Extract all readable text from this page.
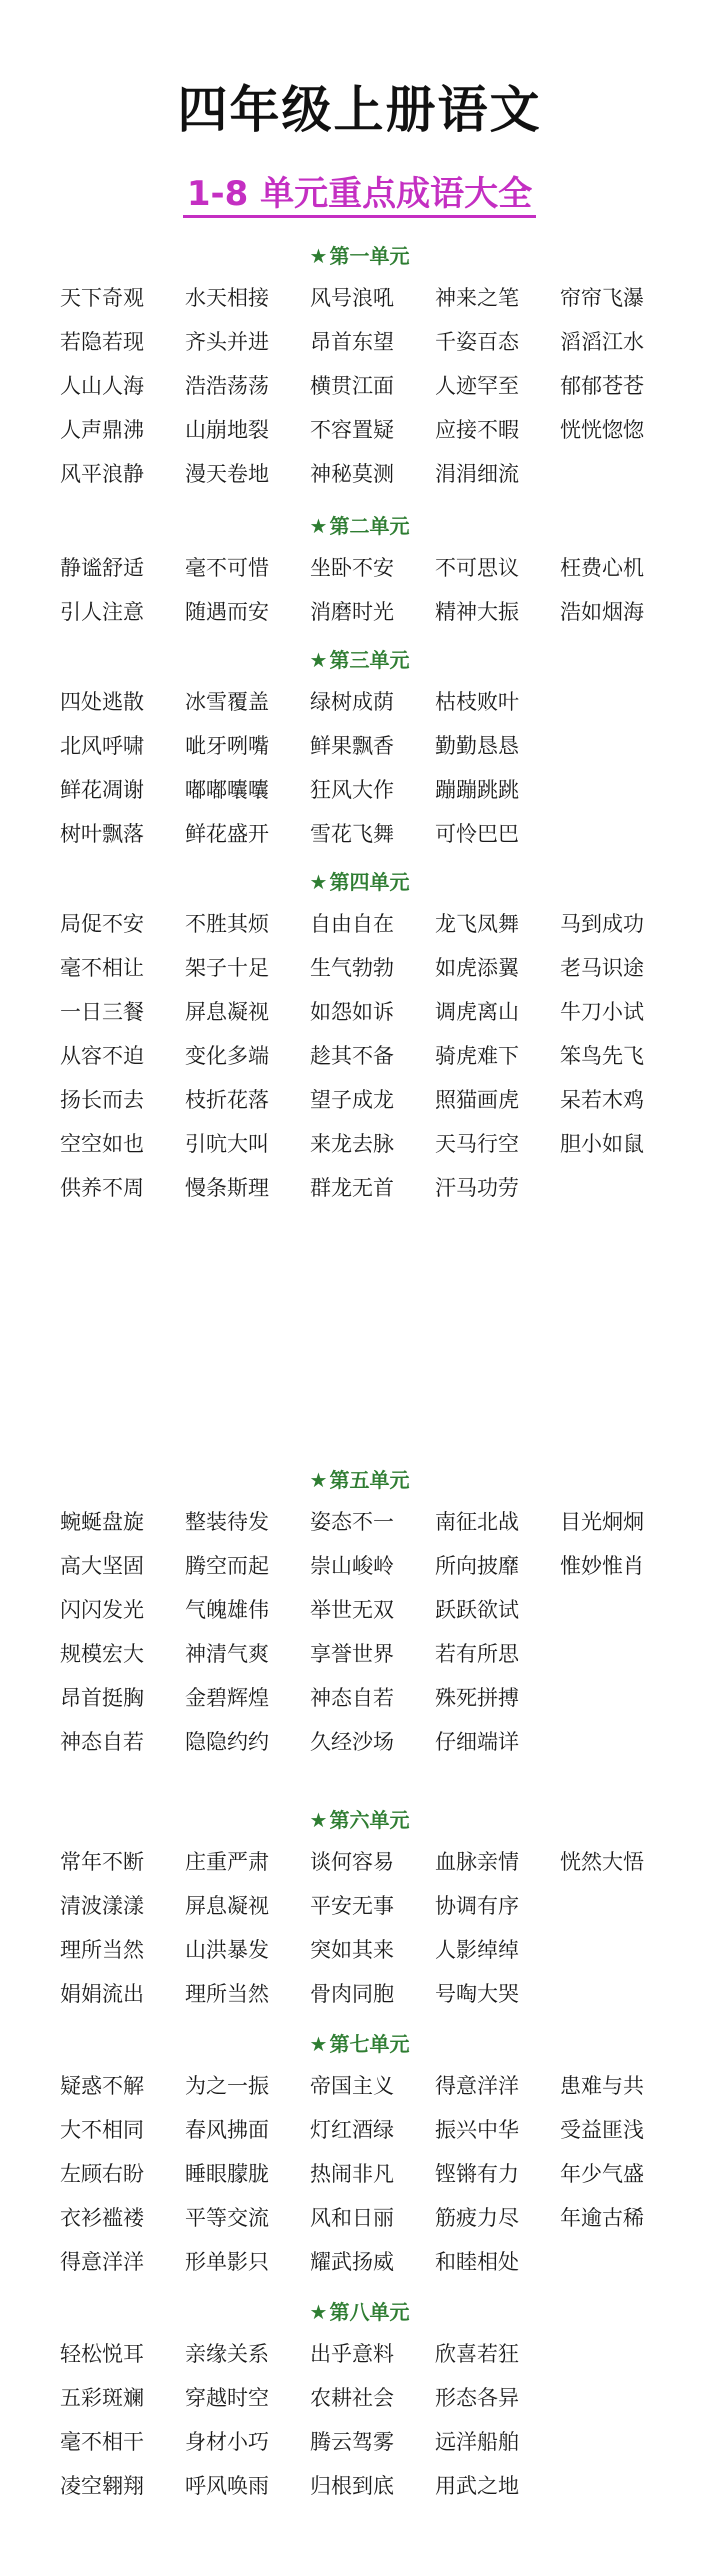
四年级上册语文
1-8 单元重点成语大全
★ 第一单元
天下奇观	水天相接	风号浪吼	神来之笔	帘帘飞瀑
若隐若现	齐头并进	昂首东望	千姿百态	滔滔江水
人山人海	浩浩荡荡	横贯江面	人迹罕至	郁郁苍苍
人声鼎沸	山崩地裂	不容置疑	应接不暇	恍恍惚惚
风平浪静	漫天卷地	神秘莫测	涓涓细流
★ 第二单元
静谧舒适	毫不可惜	坐卧不安	不可思议	枉费心机
引人注意	随遇而安	消磨时光	精神大振	浩如烟海
★ 第三单元
四处逃散	冰雪覆盖	绿树成荫	枯枝败叶
北风呼啸	呲牙咧嘴	鲜果飘香	勤勤恳恳
鲜花凋谢	嘟嘟囔囔	狂风大作	蹦蹦跳跳
树叶飘落	鲜花盛开	雪花飞舞	可怜巴巴
★ 第四单元
局促不安	不胜其烦	自由自在	龙飞凤舞	马到成功
毫不相让	架子十足	生气勃勃	如虎添翼	老马识途
一日三餐	屏息凝视	如怨如诉	调虎离山	牛刀小试
从容不迫	变化多端	趁其不备	骑虎难下	笨鸟先飞
扬长而去	枝折花落	望子成龙	照猫画虎	呆若木鸡
空空如也	引吭大叫	来龙去脉	天马行空	胆小如鼠
供养不周	慢条斯理	群龙无首	汗马功劳
★ 第五单元
蜿蜒盘旋	整装待发	姿态不一	南征北战	目光炯炯
高大坚固	腾空而起	崇山峻岭	所向披靡	惟妙惟肖
闪闪发光	气魄雄伟	举世无双	跃跃欲试
规模宏大	神清气爽	享誉世界	若有所思
昂首挺胸	金碧辉煌	神态自若	殊死拼搏
神态自若	隐隐约约	久经沙场	仔细端详
★ 第六单元
常年不断	庄重严肃	谈何容易	血脉亲情	恍然大悟
清波漾漾	屏息凝视	平安无事	协调有序
理所当然	山洪暴发	突如其来	人影绰绰
娟娟流出	理所当然	骨肉同胞	号啕大哭
★ 第七单元
疑惑不解	为之一振	帝国主义	得意洋洋	患难与共
大不相同	春风拂面	灯红酒绿	振兴中华	受益匪浅
左顾右盼	睡眼朦胧	热闹非凡	铿锵有力	年少气盛
衣衫褴褛	平等交流	风和日丽	筋疲力尽	年逾古稀
得意洋洋	形单影只	耀武扬威	和睦相处
★ 第八单元
轻松悦耳	亲缘关系	出乎意料	欣喜若狂
五彩斑斓	穿越时空	农耕社会	形态各异
毫不相干	身材小巧	腾云驾雾	远洋船舶
凌空翱翔	呼风唤雨	归根到底	用武之地
